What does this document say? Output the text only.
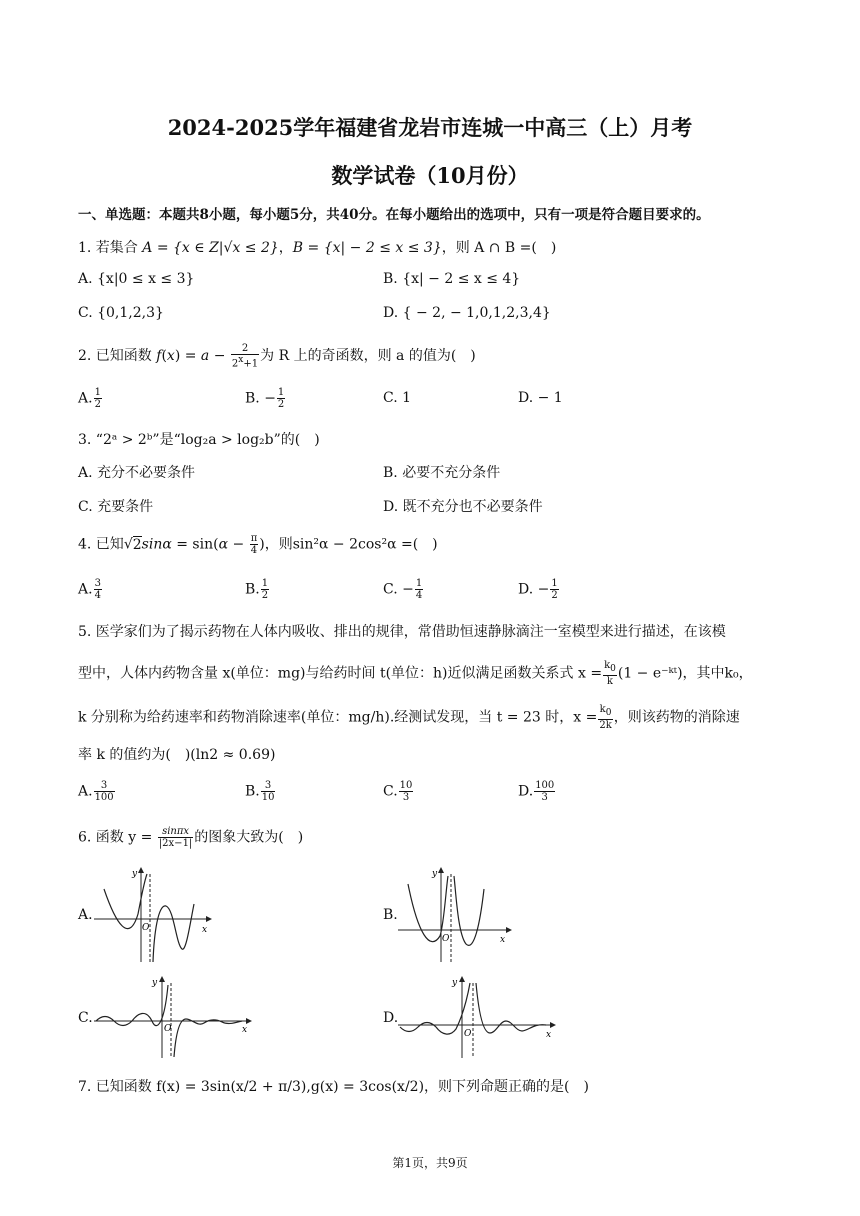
2024-2025学年福建省龙岩市连城一中高三（上）月考
数学试卷（10月份）
一、单选题：本题共8小题，每小题5分，共40分。在每小题给出的选项中，只有一项是符合题目要求的。
1. 若集合 A = {x ∈ Z|√x ≤ 2}，B = {x| − 2 ≤ x ≤ 3}，则 A ∩ B =(　)
A. {x|0 ≤ x ≤ 3}	B. {x| − 2 ≤ x ≤ 4}
C. {0,1,2,3}	D. { − 2, − 1,0,1,2,3,4}
2. 已知函数 $f(x) = a - \frac{2}{2^x+1}$ 为 R 上的奇函数，则 a 的值为(　)
A. $\frac{1}{2}$	B. − $\frac{1}{2}$	C. 1	D. − 1
3. “2ᵃ > 2ᵇ”是“log₂a > log₂b”的(　)
A. 充分不必要条件	B. 必要不充分条件
C. 充要条件	D. 既不充分也不必要条件
4. 已知$√2\sin\alpha = \sin(\alpha - \frac{\pi}{4}$ )，则sin²α − 2cos²α =(　)
A. $\frac{3}{4}$	B. $\frac{1}{2}$	C. − $\frac{1}{4}$	D. − $\frac{1}{2}$
5. 医学家们为了揭示药物在人体内吸收、排出的规律，常借助恒速静脉滴注一室模型来进行描述，在该模
型中，人体内药物含量 x(单位：mg)与给药时间 t(单位：h)近似满足函数关系式 $x = \frac{k_0}{k} (1$ − e⁻ᵏᵗ)，其中k₀，
k 分别称为给药速率和药物消除速率(单位：mg/h).经测试发现，当 t = 23 时，$x = \frac{k_0}{2k}$ ，则该药物的消除速
率 k 的值约为(　)(ln2 ≈ 0.69)
A. $\frac{3}{100}$	B. $\frac{3}{10}$	C. $\frac{10}{3}$	D. $\frac{100}{3}$
6. 函数 $y = \frac{\sin\pi x}{|2x-1|}$ 的图象大致为(　)
A.
y
x
O
B.
y
x
O
C.
y
x
O
D.
y
x
O
7. 已知函数 f(x) = 3sin(x/2 + π/3),g(x) = 3cos(x/2)，则下列命题正确的是(　)
第1页，共9页
